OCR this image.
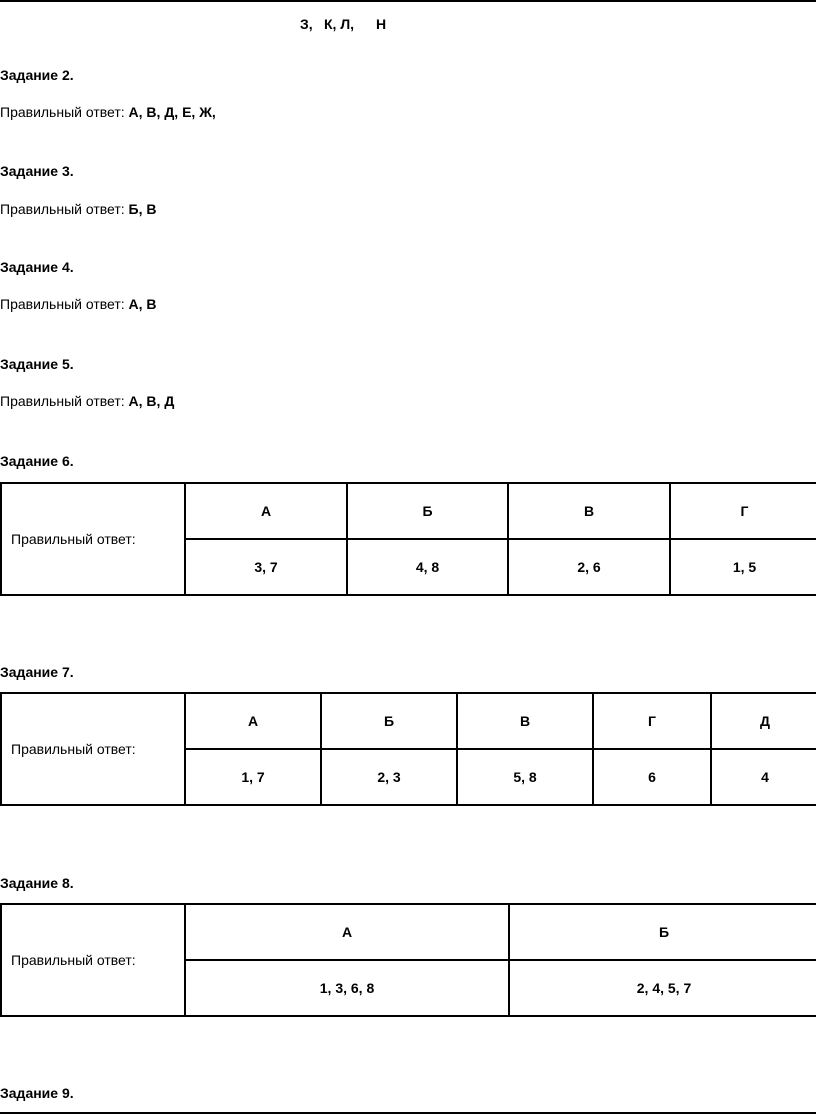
З, К, Л, Н
Задание 2.
Правильный ответ: А, В, Д, Е, Ж,
Задание 3.
Правильный ответ: Б, В
Задание 4.
Правильный ответ: А, В
Задание 5.
Правильный ответ: А, В, Д
Задание 6.
Правильный ответ:	А	Б	В	Г
	3, 7	4, 8	2, 6	1, 5
Задание 7.
Правильный ответ:	А	Б	В	Г	Д
	1, 7	2, 3	5, 8	6	4
Задание 8.
Правильный ответ:	А	Б
	1, 3, 6, 8	2, 4, 5, 7
Задание 9.
